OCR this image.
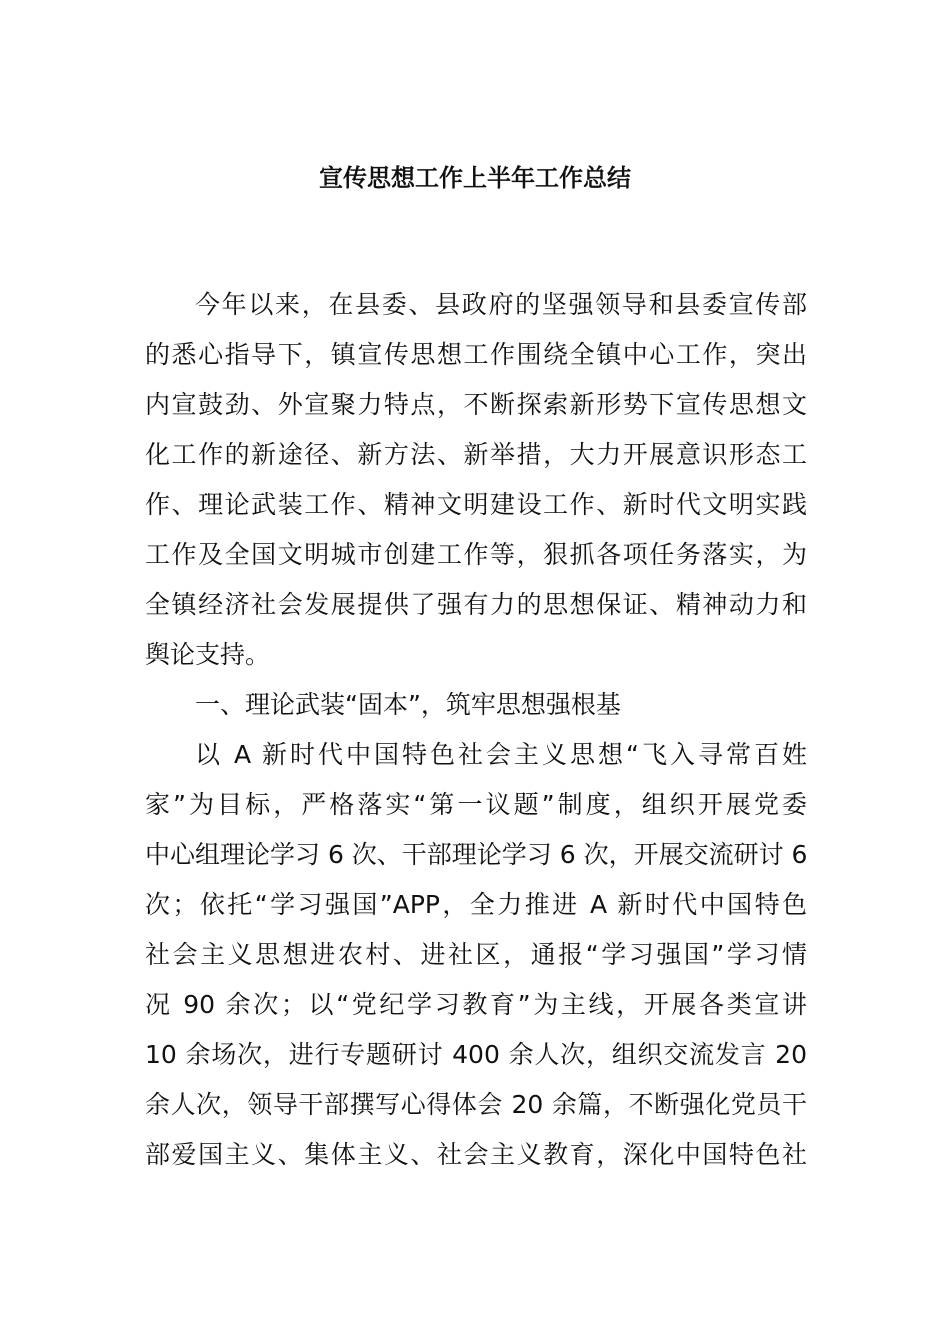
宣传思想工作上半年工作总结
今年以来，在县委、县政府的坚强领导和县委宣传部
的悉心指导下，镇宣传思想工作围绕全镇中心工作，突出
内宣鼓劲、外宣聚力特点，不断探索新形势下宣传思想文
化工作的新途径、新方法、新举措，大力开展意识形态工
作、理论武装工作、精神文明建设工作、新时代文明实践
工作及全国文明城市创建工作等，狠抓各项任务落实，为
全镇经济社会发展提供了强有力的思想保证、精神动力和
舆论支持。
一、理论武装“固本”，筑牢思想强根基
以 A 新时代中国特色社会主义思想“飞入寻常百姓
家”为目标，严格落实“第一议题”制度，组织开展党委
中心组理论学习 6 次、干部理论学习 6 次，开展交流研讨 6
次；依托“学习强国”APP，全力推进 A 新时代中国特色
社会主义思想进农村、进社区，通报“学习强国”学习情
况 90 余次；以“党纪学习教育”为主线，开展各类宣讲
10 余场次，进行专题研讨 400 余人次，组织交流发言 20
余人次，领导干部撰写心得体会 20 余篇，不断强化党员干
部爱国主义、集体主义、社会主义教育，深化中国特色社
